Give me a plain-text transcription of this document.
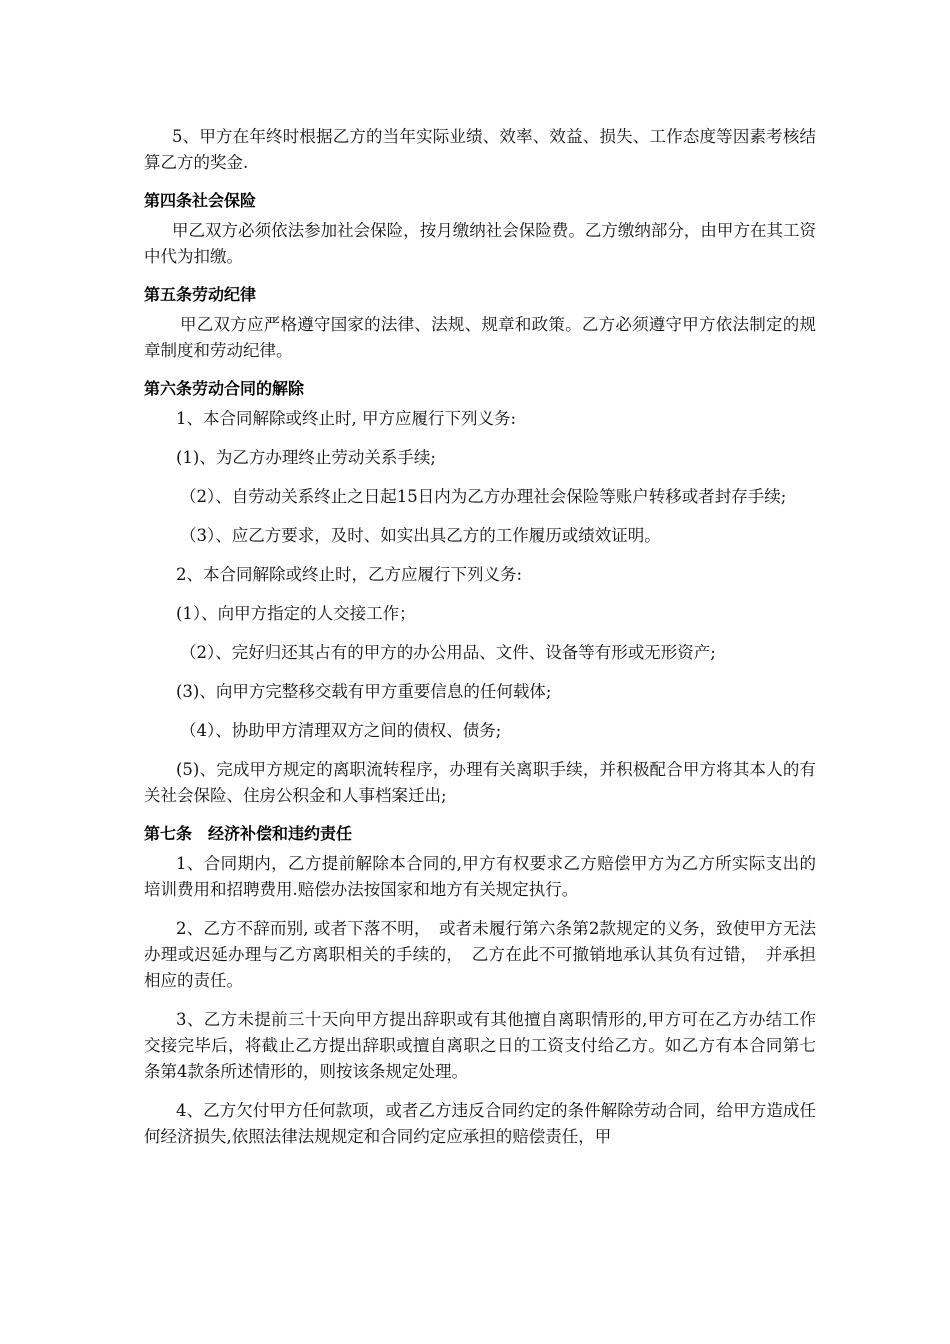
5、甲方在年终时根据乙方的当年实际业绩、效率、效益、损失、工作态度等因素考核结算乙方的奖金.

第四条社会保险

甲乙双方必须依法参加社会保险，按月缴纳社会保险费。乙方缴纳部分，由甲方在其工资中代为扣缴。

第五条劳动纪律

甲乙双方应严格遵守国家的法律、法规、规章和政策。乙方必须遵守甲方依法制定的规章制度和劳动纪律。

第六条劳动合同的解除

1、本合同解除或终止时, 甲方应履行下列义务:

(1)、为乙方办理终止劳动关系手续;

（2）、自劳动关系终止之日起15日内为乙方办理社会保险等账户转移或者封存手续;

（3）、应乙方要求，及时、如实出具乙方的工作履历或绩效证明。

2、本合同解除或终止时，乙方应履行下列义务:

(1）、向甲方指定的人交接工作；

（2）、完好归还其占有的甲方的办公用品、文件、设备等有形或无形资产;

(3)、向甲方完整移交载有甲方重要信息的任何载体;

（4）、协助甲方清理双方之间的债权、债务;

(5)、完成甲方规定的离职流转程序，办理有关离职手续，并积极配合甲方将其本人的有关社会保险、住房公积金和人事档案迁出;

第七条　经济补偿和违约责任

1、合同期内，乙方提前解除本合同的,甲方有权要求乙方赔偿甲方为乙方所实际支出的培训费用和招聘费用.赔偿办法按国家和地方有关规定执行。

2、乙方不辞而别, 或者下落不明，　或者未履行第六条第2款规定的义务，致使甲方无法办理或迟延办理与乙方离职相关的手续的，　乙方在此不可撤销地承认其负有过错，　并承担相应的责任。

3、乙方未提前三十天向甲方提出辞职或有其他擅自离职情形的,甲方可在乙方办结工作交接完毕后，将截止乙方提出辞职或擅自离职之日的工资支付给乙方。如乙方有本合同第七条第4款条所述情形的，则按该条规定处理。

4、乙方欠付甲方任何款项，或者乙方违反合同约定的条件解除劳动合同，给甲方造成任何经济损失,依照法律法规规定和合同约定应承担的赔偿责任，甲
